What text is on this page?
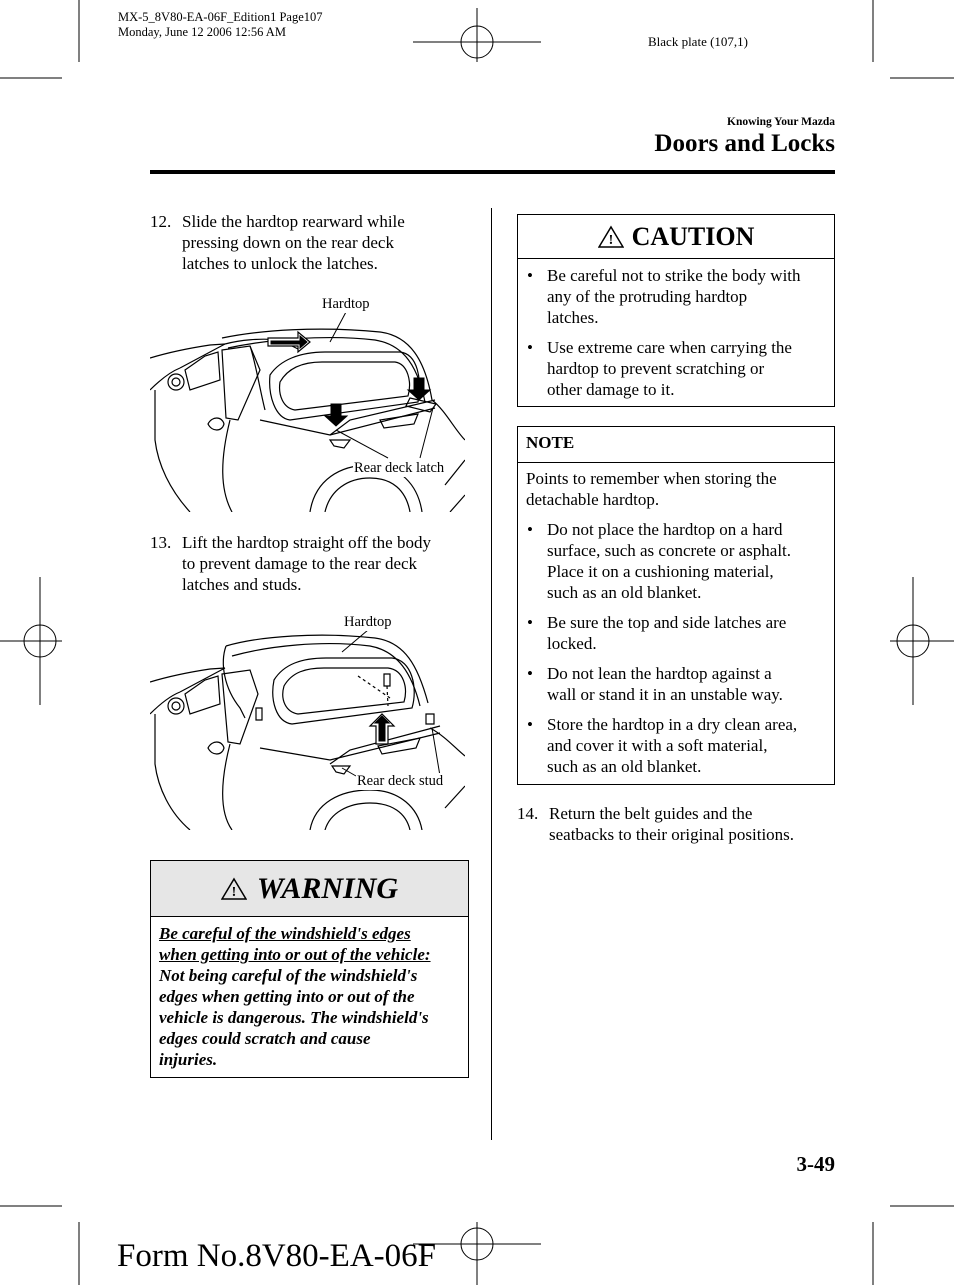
MX-5_8V80-EA-06F_Edition1 Page107
Monday, June 12 2006 12:56 AM
Black plate (107,1)
Knowing Your Mazda
Doors and Locks
12. Slide the hardtop rearward while
pressing down on the rear deck
latches to unlock the latches.
Hardtop
Rear deck latch
13. Lift the hardtop straight off the body
to prevent damage to the rear deck
latches and studs.
Hardtop
Rear deck stud
! WARNING
Be careful of the windshield's edges
when getting into or out of the vehicle:
Not being careful of the windshield's
edges when getting into or out of the
vehicle is dangerous. The windshield's
edges could scratch and cause
injuries.
! CAUTION
• Be careful not to strike the body with
any of the protruding hardtop
latches.
• Use extreme care when carrying the
hardtop to prevent scratching or
other damage to it.
NOTE
Points to remember when storing the
detachable hardtop.
• Do not place the hardtop on a hard
surface, such as concrete or asphalt.
Place it on a cushioning material,
such as an old blanket.
• Be sure the top and side latches are
locked.
• Do not lean the hardtop against a
wall or stand it in an unstable way.
• Store the hardtop in a dry clean area,
and cover it with a soft material,
such as an old blanket.
14. Return the belt guides and the
seatbacks to their original positions.
3-49
Form No.8V80-EA-06F
